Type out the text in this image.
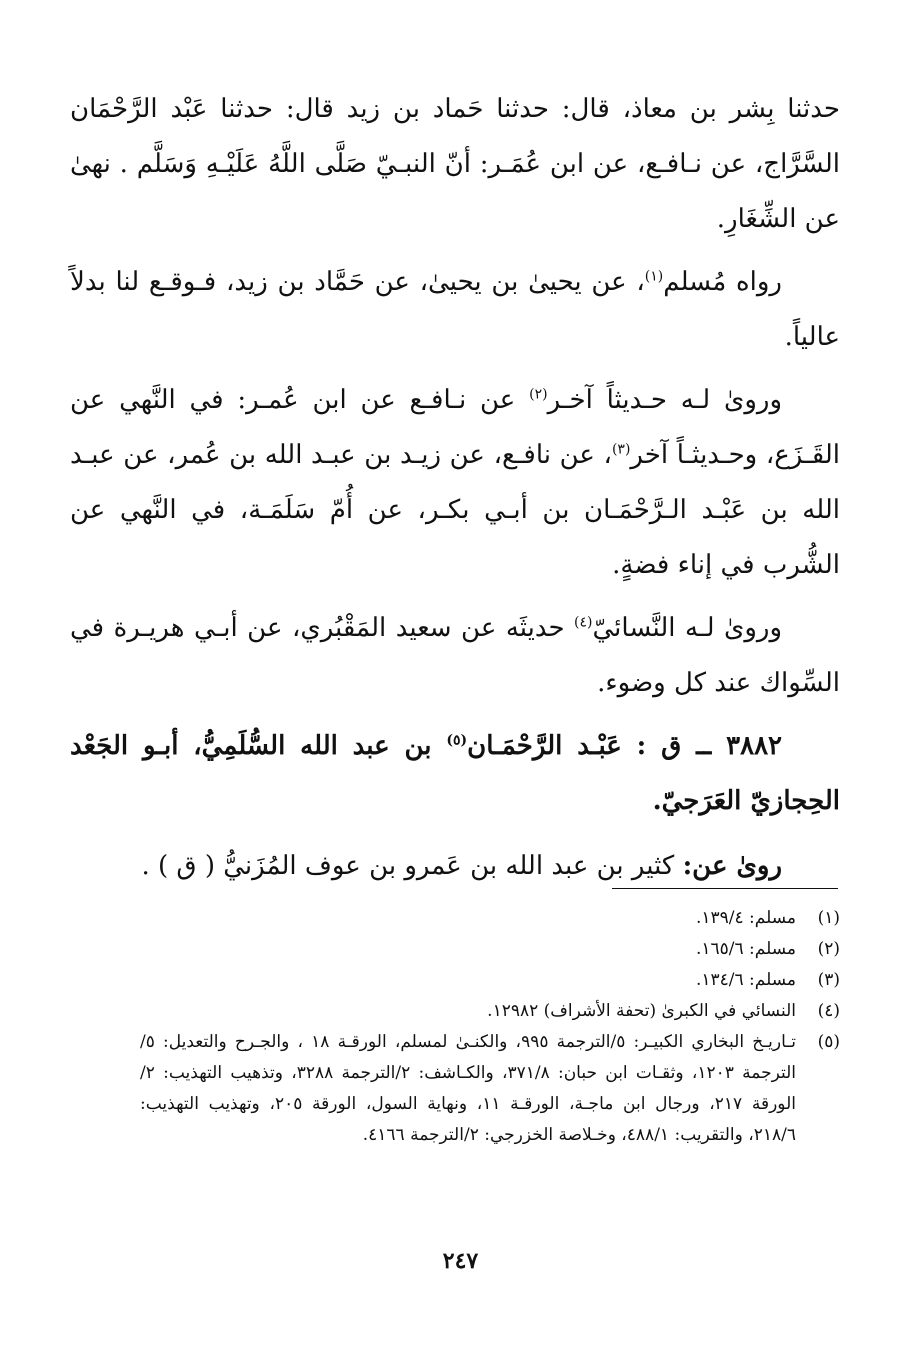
حدثنا بِشر بن معاذ، قال: حدثنا حَماد بن زيد قال: حدثنا عَبْد الرَّحْمَان السَّرَّاج، عن نـافـع، عن ابن عُمَـر: أنّ النبـيّ صَلَّى اللَّهُ عَلَيْـهِ وَسَلَّم . نهىٰ عن الشِّغَارِ.

رواه مُسلم$^{(١)}$، عن يحيىٰ بن يحيىٰ، عن حَمَّاد بن زيد، فـوقـع لنا بدلاً عالياً.

وروىٰ لـه حـديثاً آخـر$^{(٢)}$ عن نـافـع عن ابن عُمـر: في النَّهي عن القَـزَع، وحـديثـاً آخر$^{(٣)}$، عن نافـع، عن زيـد بن عبـد الله بن عُمر، عن عبـد الله بن عَبْـد الـرَّحْمَـان بن أبـي بكـر، عن أُمّ سَلَمَـة، في النَّهي عن الشُّرب في إناء فضةٍ.

وروىٰ لـه النَّسائيّ$^{(٤)}$ حديثَه عن سعيد المَقْبُري، عن أبـي هريـرة في السِّواك عند كل وضوء.

٣٨٨٢ ــ ق : عَبْـد الرَّحْمَـان$^{(٥)}$ بن عبد الله السُّلَمِيُّ، أبـو الجَعْد الحِجازيّ العَرَجيّ.

روىٰ عن: كثير بن عبد الله بن عَمرو بن عوف المُزَنيُّ ( ق ) .

(١)
مسلم: ١٣٩/٤.
(٢)
مسلم: ١٦٥/٦.
(٣)
مسلم: ١٣٤/٦.
(٤)
النسائي في الكبرىٰ (تحفة الأشراف) ١٢٩٨٢.
(٥)
تـاريـخ البخاري الكبيـر: ٥/الترجمة ٩٩٥، والكنـىٰ لمسلم، الورقـة ١٨ ، والجـرح والتعديل: ٥/الترجمة ١٢٠٣، وثقـات ابن حبان: ٣٧١/٨، والكـاشف: ٢/الترجمة ٣٢٨٨، وتذهيب التهذيب: ٢/الورقة ٢١٧، ورجال ابن ماجـة، الورقـة ١١، ونهاية السول، الورقة ٢٠٥، وتهذيب التهذيب: ٢١٨/٦، والتقريب: ٤٨٨/١، وخـلاصة الخزرجي: ٢/الترجمة ٤١٦٦.
٢٤٧
